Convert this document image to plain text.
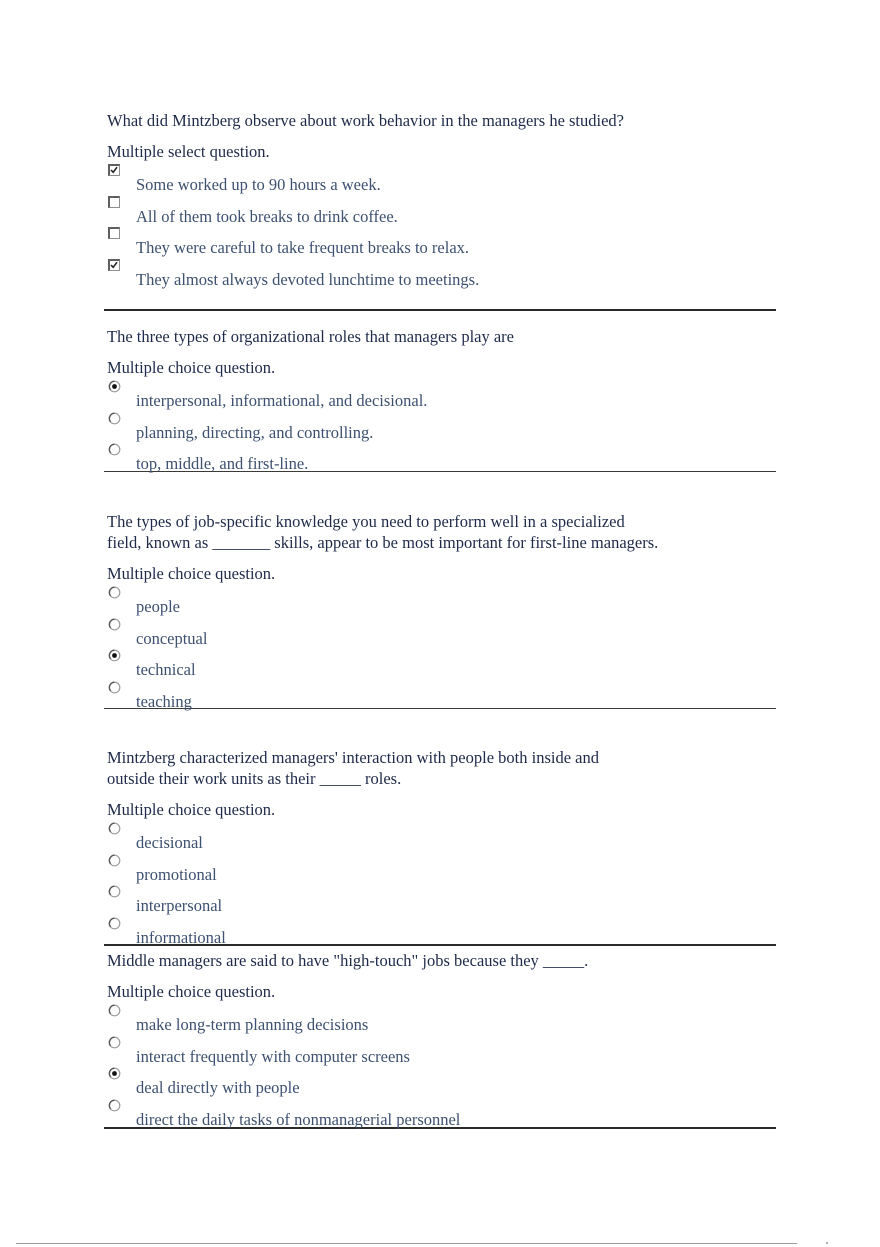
What did Mintzberg observe about work behavior in the managers he studied?

Multiple select question.

Some worked up to 90 hours a week.
All of them took breaks to drink coffee.
They were careful to take frequent breaks to relax.
They almost always devoted lunchtime to meetings.

The three types of organizational roles that managers play are

Multiple choice question.

interpersonal, informational, and decisional.
planning, directing, and controlling.
top, middle, and first-line.

The types of job-specific knowledge you need to perform well in a specialized
field, known as _______ skills, appear to be most important for first-line managers.

Multiple choice question.

people
conceptual
technical
teaching

Mintzberg characterized managers' interaction with people both inside and
outside their work units as their _____ roles.

Multiple choice question.

decisional
promotional
interpersonal
informational

Middle managers are said to have "high-touch" jobs because they _____.

Multiple choice question.

make long-term planning decisions
interact frequently with computer screens
deal directly with people
direct the daily tasks of nonmanagerial personnel
